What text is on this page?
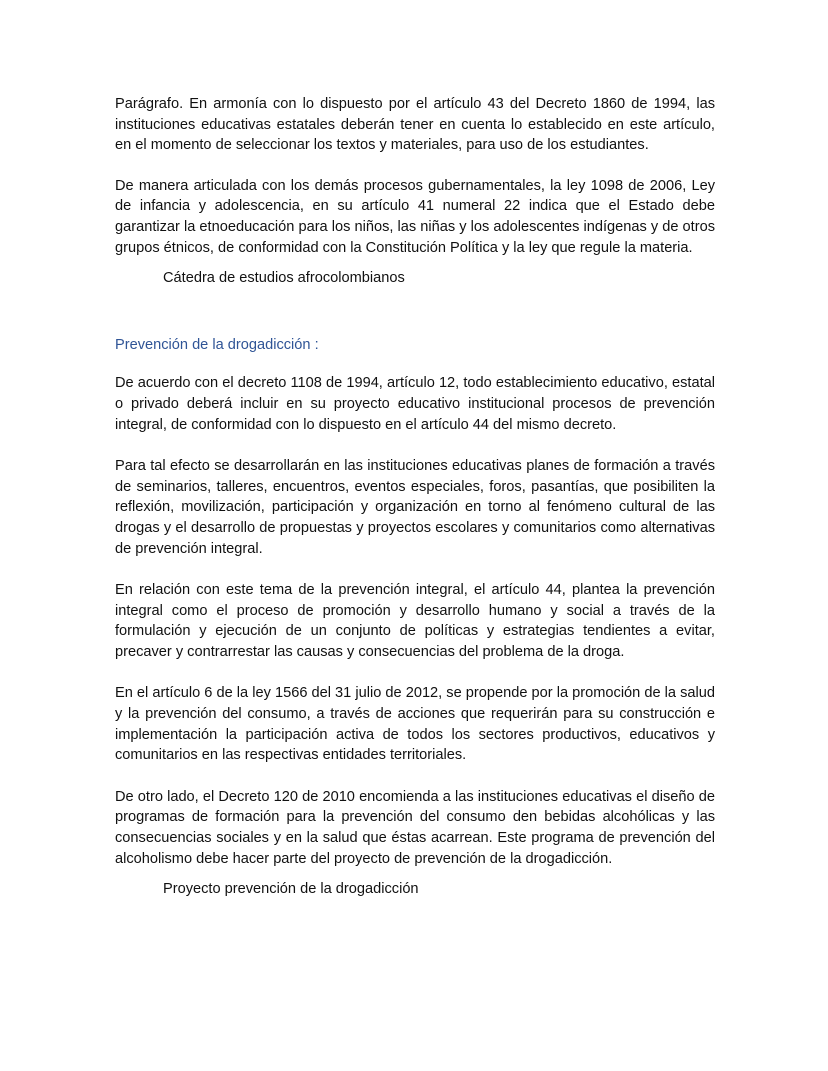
Parágrafo. En armonía con lo dispuesto por el artículo 43 del Decreto 1860 de 1994, las instituciones educativas estatales deberán tener en cuenta lo establecido en este artículo, en el momento de seleccionar los textos y materiales, para uso de los estudiantes.

De manera articulada con los demás procesos gubernamentales, la ley 1098 de 2006, Ley de infancia y adolescencia, en su artículo 41 numeral 22 indica que el Estado debe garantizar la etnoeducación para los niños, las niñas y los adolescentes indígenas y de otros grupos étnicos, de conformidad con la Constitución Política y la ley que regule la materia.

Cátedra de estudios afrocolombianos

Prevención de la drogadicción :

De acuerdo con el decreto 1108 de 1994, artículo 12, todo establecimiento educativo, estatal o privado deberá incluir en su proyecto educativo institucional procesos de prevención integral, de conformidad con lo dispuesto en el artículo 44 del mismo decreto.

Para tal efecto se desarrollarán en las instituciones educativas planes de formación a través de seminarios, talleres, encuentros, eventos especiales, foros, pasantías, que posibiliten la reflexión, movilización, participación y organización en torno al fenómeno cultural de las drogas y el desarrollo de propuestas y proyectos escolares y comunitarios como alternativas de prevención integral.

En relación con este tema de la prevención integral, el artículo 44, plantea la prevención integral como el proceso de promoción y desarrollo humano y social a través de la formulación y ejecución de un conjunto de políticas y estrategias tendientes a evitar, precaver y contrarrestar las causas y consecuencias del problema de la droga.

En el artículo 6 de la ley 1566 del 31 julio de 2012, se propende por la promoción de la salud y la prevención del consumo, a través de acciones que requerirán para su construcción e implementación la participación activa de todos los sectores productivos, educativos y comunitarios en las respectivas entidades territoriales.

De otro lado, el Decreto 120 de 2010 encomienda a las instituciones educativas el diseño de programas de formación para la prevención del consumo den bebidas alcohólicas y las consecuencias sociales y en la salud que éstas acarrean. Este programa de prevención del alcoholismo debe hacer parte del proyecto de prevención de la drogadicción.

Proyecto prevención de la drogadicción
